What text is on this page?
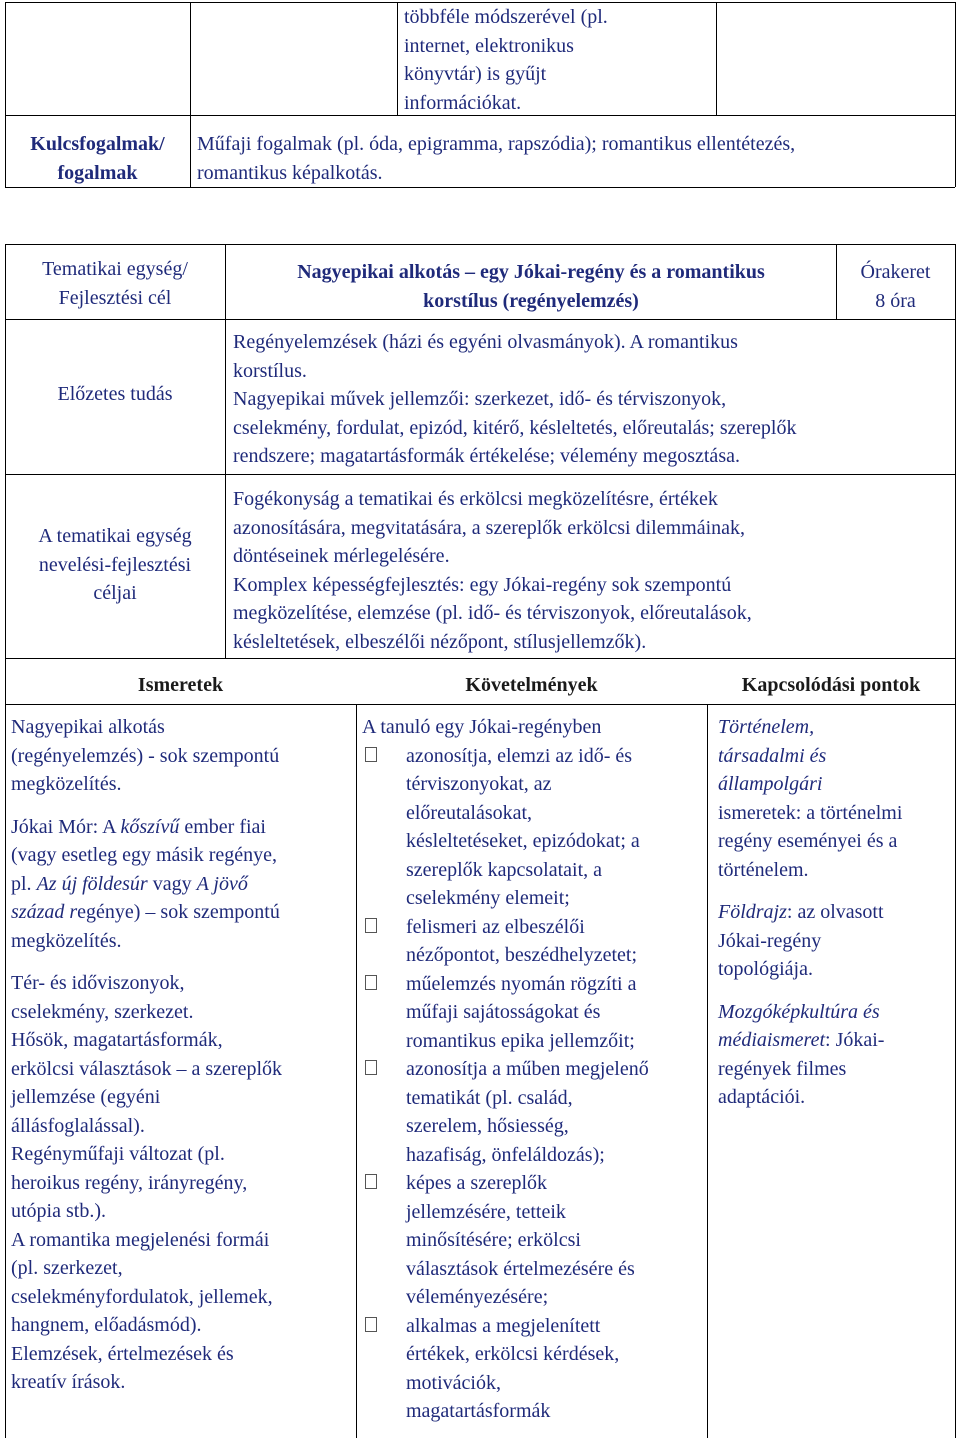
többféle módszerével (pl.
internet, elektronikus
könyvtár) is gyűjt
információkat.
Kulcsfogalmak/
fogalmak
Műfaji fogalmak (pl. óda, epigramma, rapszódia); romantikus ellentétezés,
romantikus képalkotás.
Tematikai egység/
Fejlesztési cél
Nagyepikai alkotás – egy Jókai-regény és a romantikus
korstílus (regényelemzés)
Órakeret
8 óra
Előzetes tudás
Regényelemzések (házi és egyéni olvasmányok). A romantikus
korstílus.
Nagyepikai művek jellemzői: szerkezet, idő- és térviszonyok,
cselekmény, fordulat, epizód, kitérő, késleltetés, előreutalás; szereplők
rendszere; magatartásformák értékelése; vélemény megosztása.
A tematikai egység
nevelési-fejlesztési
céljai
Fogékonyság a tematikai és erkölcsi megközelítésre, értékek
azonosítására, megvitatására, a szereplők erkölcsi dilemmáinak,
döntéseinek mérlegelésére.
Komplex képességfejlesztés: egy Jókai-regény sok szempontú
megközelítése, elemzése (pl. idő- és térviszonyok, előreutalások,
késleltetések, elbeszélői nézőpont, stílusjellemzők).
Ismeretek	Követelmények	Kapcsolódási pontok
Nagyepikai alkotás
(regényelemzés) - sok szempontú
megközelítés.
Jókai Mór: A kőszívű ember fiai
(vagy esetleg egy másik regénye,
pl. Az új földesúr vagy A jövő
század regénye) – sok szempontú
megközelítés.
Tér- és időviszonyok,
cselekmény, szerkezet.
Hősök, magatartásformák,
erkölcsi választások – a szereplők
jellemzése (egyéni
állásfoglalással).
Regényműfaji változat (pl.
heroikus regény, irányregény,
utópia stb.).
A romantika megjelenési formái
(pl. szerkezet,
cselekményfordulatok, jellemek,
hangnem, előadásmód).
Elemzések, értelmezések és
kreatív írások.
A tanuló egy Jókai-regényben
azonosítja, elemzi az idő- és
térviszonyokat, az
előreutalásokat,
késleltetéseket, epizódokat; a
szereplők kapcsolatait, a
cselekmény elemeit;
felismeri az elbeszélői
nézőpontot, beszédhelyzetet;
műelemzés nyomán rögzíti a
műfaji sajátosságokat és
romantikus epika jellemzőit;
azonosítja a műben megjelenő
tematikát (pl. család,
szerelem, hősiesség,
hazafiság, önfeláldozás);
képes a szereplők
jellemzésére, tetteik
minősítésére; erkölcsi
választások értelmezésére és
véleményezésére;
alkalmas a megjelenített
értékek, erkölcsi kérdések,
motivációk,
magatartásformák
Történelem,
társadalmi és
állampolgári
ismeretek: a történelmi
regény eseményei és a
történelem.
Földrajz: az olvasott
Jókai-regény
topológiája.
Mozgóképkultúra és
médiaismeret: Jókai-
regények filmes
adaptációi.
